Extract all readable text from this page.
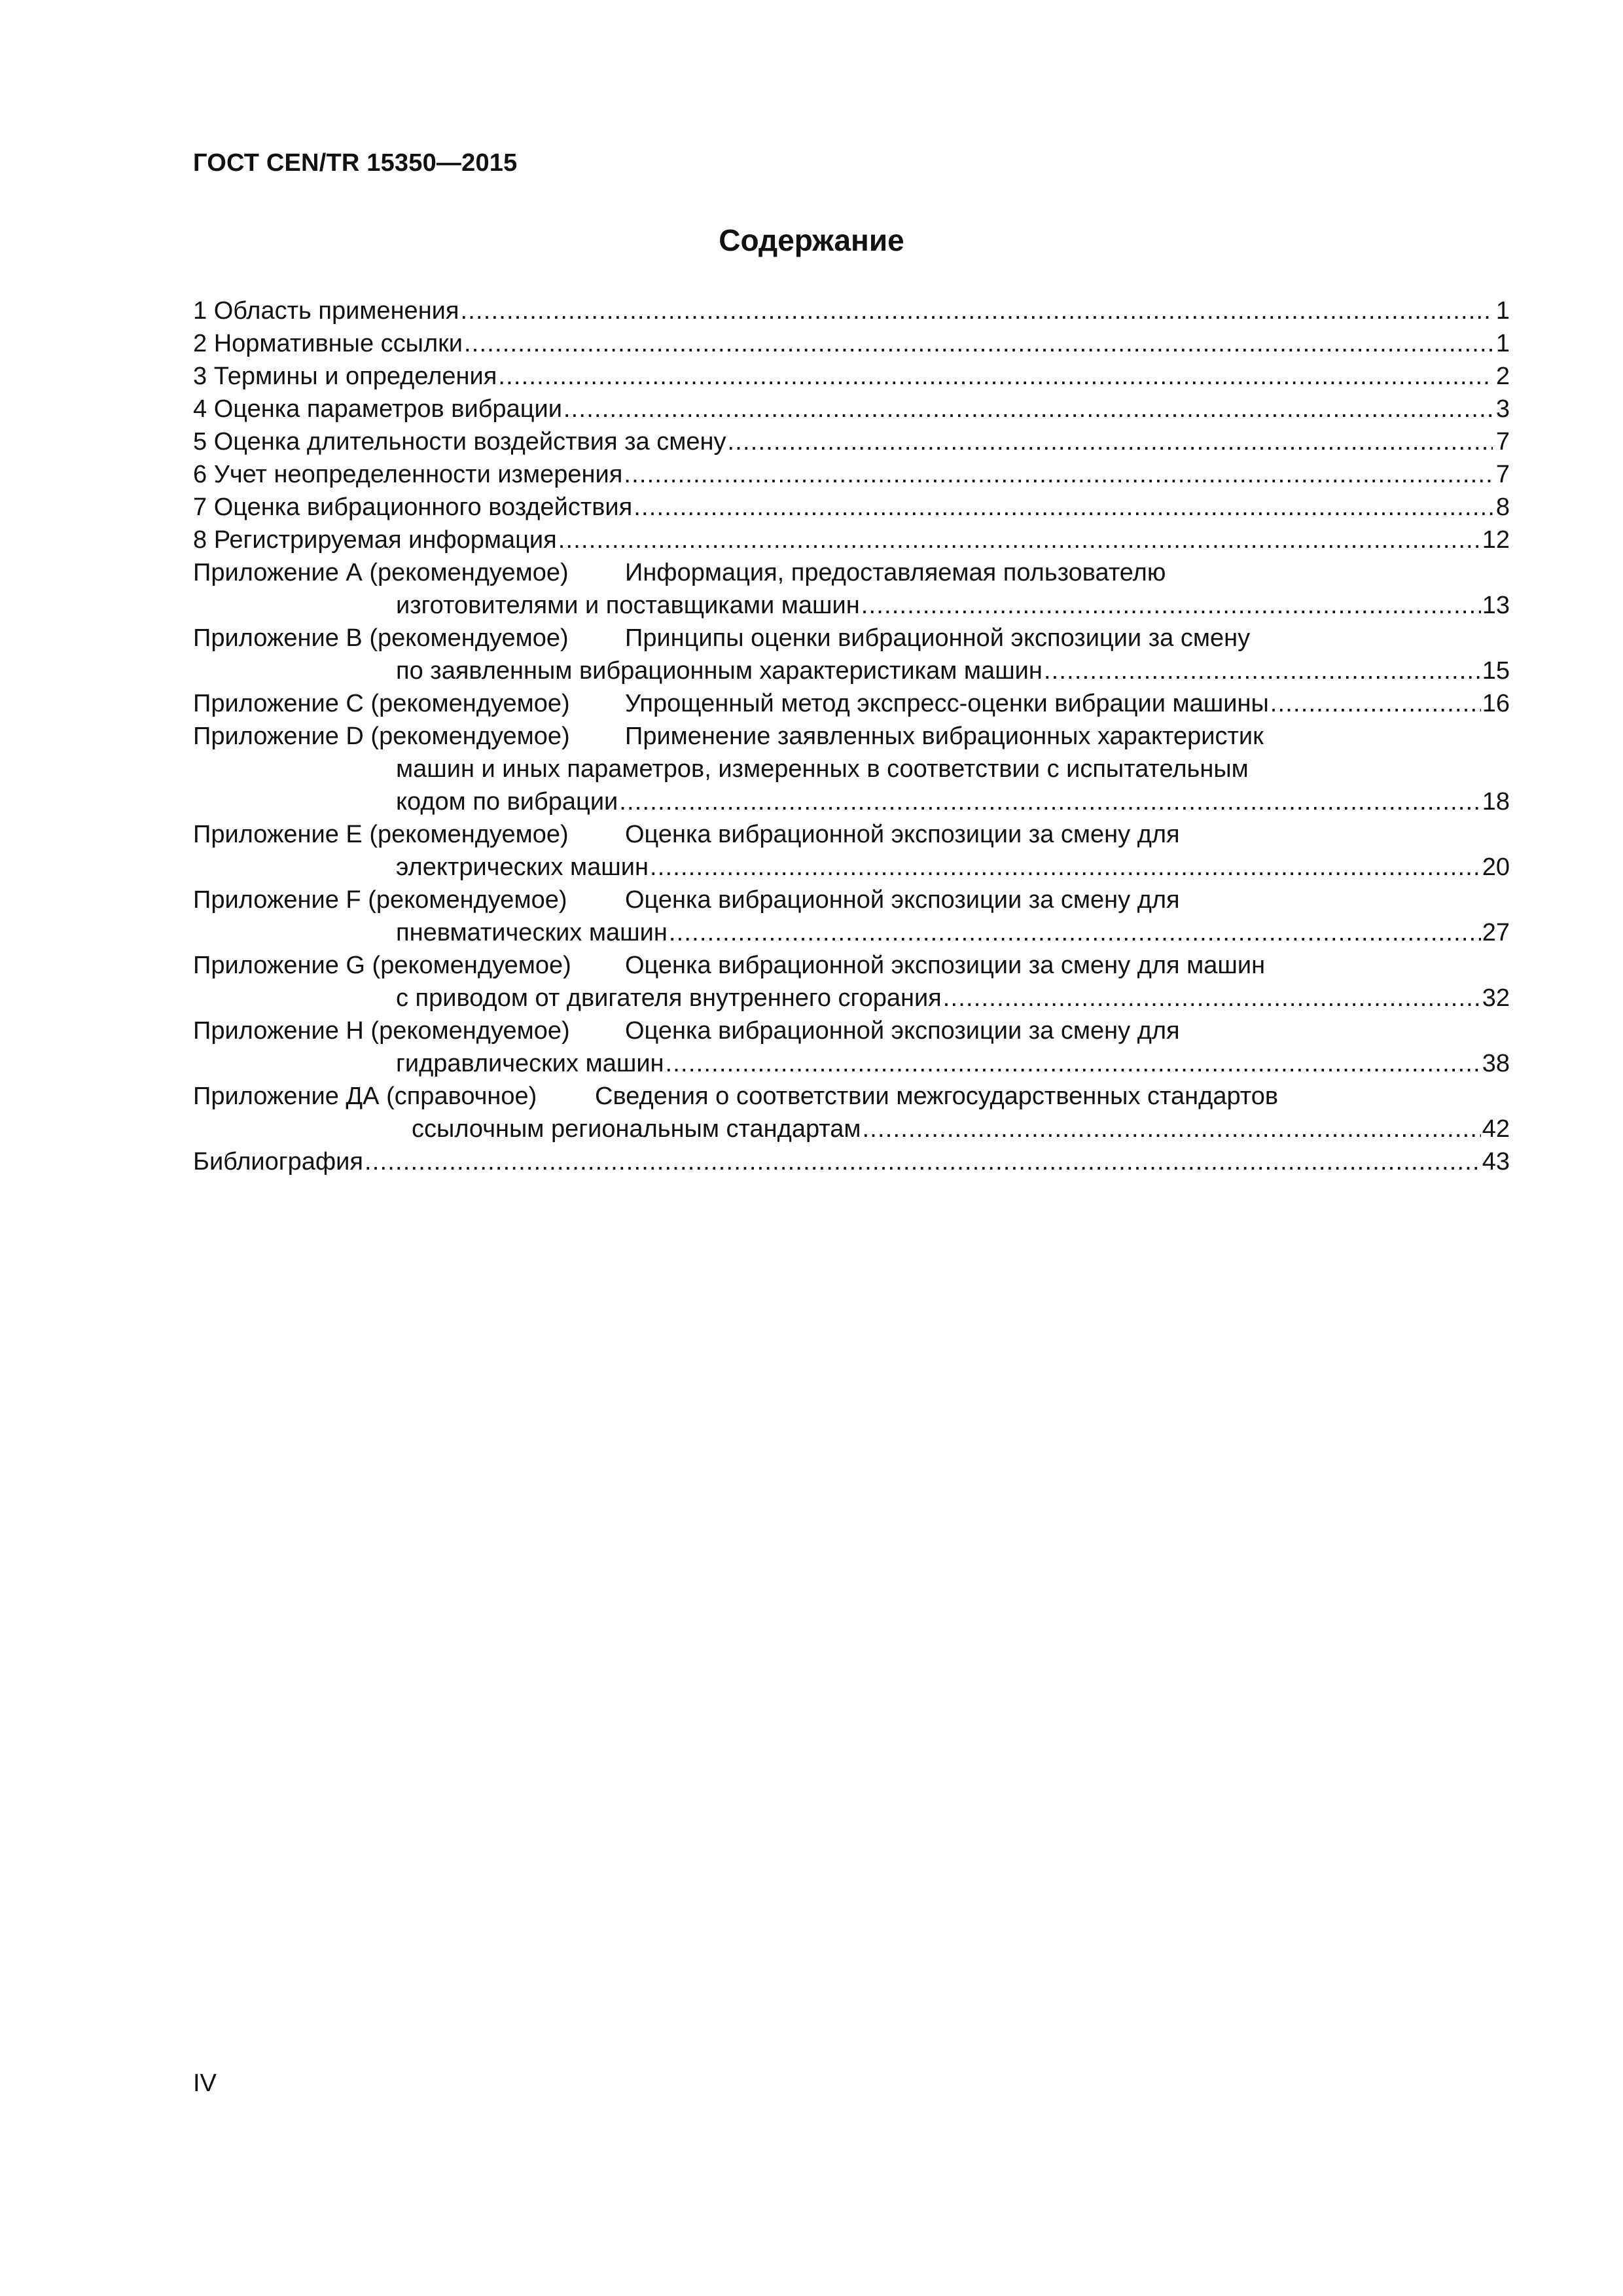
ГОСТ CEN/TR 15350—2015
Содержание
1 Область применения .....	1
2 Нормативные ссылки .....	1
3 Термины и определения .....	2
4 Оценка параметров вибрации .....	3
5 Оценка длительности воздействия за смену .....	7
6 Учет неопределенности измерения .....	7
7 Оценка вибрационного воздействия .....	8
8 Регистрируемая информация .....	12
Приложение А (рекомендуемое) Информация, предоставляемая пользователю
изготовителями и поставщиками машин .....	13
Приложение В (рекомендуемое) Принципы оценки вибрационной экспозиции за смену
по заявленным вибрационным характеристикам машин .....	15
Приложение С (рекомендуемое) Упрощенный метод экспресс-оценки вибрации машины .....	16
Приложение D (рекомендуемое) Применение заявленных вибрационных характеристик
машин и иных параметров, измеренных в соответствии с испытательным
кодом по вибрации .....	18
Приложение Е (рекомендуемое) Оценка вибрационной экспозиции за смену для
электрических машин .....	20
Приложение F (рекомендуемое) Оценка вибрационной экспозиции за смену для
пневматических машин .....	27
Приложение G (рекомендуемое) Оценка вибрационной экспозиции за смену для машин
с приводом от двигателя внутреннего сгорания .....	32
Приложение Н (рекомендуемое) Оценка вибрационной экспозиции за смену для
гидравлических машин .....	38
Приложение ДА (справочное) Сведения о соответствии межгосударственных стандартов
ссылочным региональным стандартам .....	42
Библиография .....	43
IV
